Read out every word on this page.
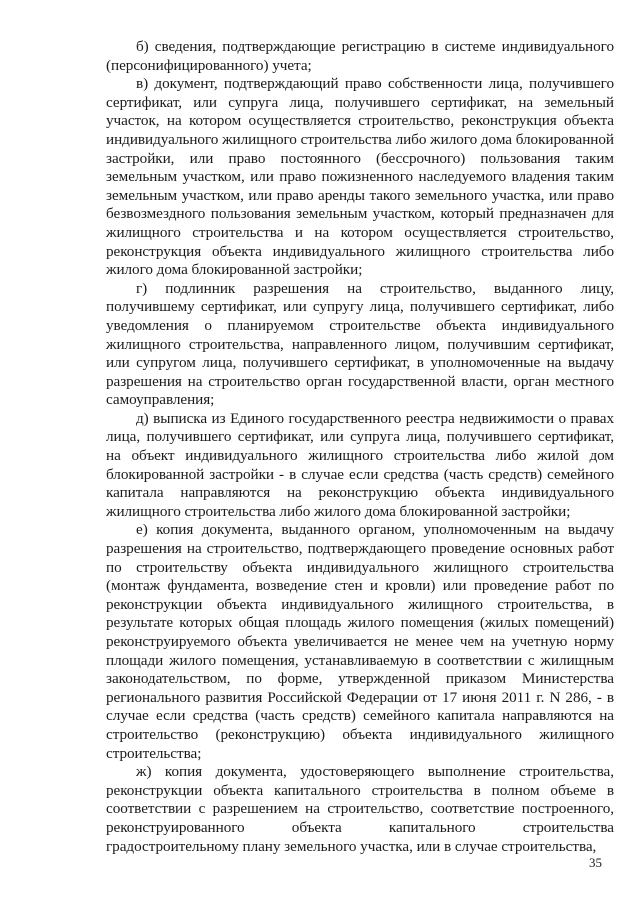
б) сведения, подтверждающие регистрацию в системе индивидуального (персонифицированного) учета;

в) документ, подтверждающий право собственности лица, получившего сертификат, или супруга лица, получившего сертификат, на земельный участок, на котором осуществляется строительство, реконструкция объекта индивидуального жилищного строительства либо жилого дома блокированной застройки, или право постоянного (бессрочного) пользования таким земельным участком, или право пожизненного наследуемого владения таким земельным участком, или право аренды такого земельного участка, или право безвозмездного пользования земельным участком, который предназначен для жилищного строительства и на котором осуществляется строительство, реконструкция объекта индивидуального жилищного строительства либо жилого дома блокированной застройки;

г) подлинник разрешения на строительство, выданного лицу, получившему сертификат, или супругу лица, получившего сертификат, либо уведомления о планируемом строительстве объекта индивидуального жилищного строительства, направленного лицом, получившим сертификат, или супругом лица, получившего сертификат, в уполномоченные на выдачу разрешения на строительство орган государственной власти, орган местного самоуправления;

д) выписка из Единого государственного реестра недвижимости о правах лица, получившего сертификат, или супруга лица, получившего сертификат, на объект индивидуального жилищного строительства либо жилой дом блокированной застройки - в случае если средства (часть средств) семейного капитала направляются на реконструкцию объекта индивидуального жилищного строительства либо жилого дома блокированной застройки;

е) копия документа, выданного органом, уполномоченным на выдачу разрешения на строительство, подтверждающего проведение основных работ по строительству объекта индивидуального жилищного строительства (монтаж фундамента, возведение стен и кровли) или проведение работ по реконструкции объекта индивидуального жилищного строительства, в результате которых общая площадь жилого помещения (жилых помещений) реконструируемого объекта увеличивается не менее чем на учетную норму площади жилого помещения, устанавливаемую в соответствии с жилищным законодательством, по форме, утвержденной приказом Министерства регионального развития Российской Федерации от 17 июня 2011 г. N 286, - в случае если средства (часть средств) семейного капитала направляются на строительство (реконструкцию) объекта индивидуального жилищного строительства;

ж) копия документа, удостоверяющего выполнение строительства, реконструкции объекта капитального строительства в полном объеме в соответствии с разрешением на строительство, соответствие построенного, реконструированного объекта капитального строительства градостроительному плану земельного участка, или в случае строительства,

35
